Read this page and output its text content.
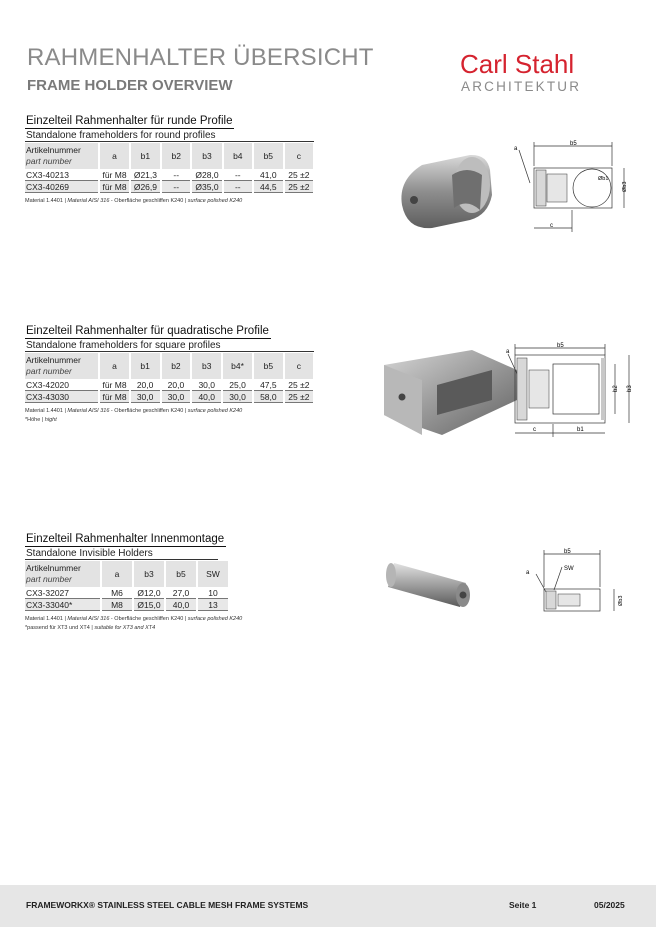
RAHMENHALTER ÜBERSICHT
FRAME HOLDER OVERVIEW
Carl Stahl
ARCHITEKTUR
Einzelteil Rahmenhalter für runde Profile
Standalone frameholders for round profiles
Artikelnummer
part number	a	b1	b2	b3	b4	b5	c
CX3-40213	für M8	Ø21,3	--	Ø28,0	--	41,0	25 ±2
CX3-40269	für M8	Ø26,9	--	Ø35,0	--	44,5	25 ±2
Material 1.4401 | Material AISI 316 - Oberfläche geschliffen K240 | surface polished K240
b5
a
Øb1
Øb3
c
Einzelteil Rahmenhalter für quadratische Profile
Standalone frameholders for square profiles
Artikelnummer
part number	a	b1	b2	b3	b4*	b5	c
CX3-42020	für M8	20,0	20,0	30,0	25,0	47,5	25 ±2
CX3-43030	für M8	30,0	30,0	40,0	30,0	58,0	25 ±2
Material 1.4401 | Material AISI 316 - Oberfläche geschliffen K240 | surface polished K240
*Höhe | hight
b5
a
b2 b3
c	b1
Einzelteil Rahmenhalter Innenmontage
Standalone Invisible Holders
Artikelnummer
part number	a	b3	b5	SW
CX3-32027	M6	Ø12,0	27,0	10
CX3-33040*	M8	Ø15,0	40,0	13
Material 1.4401 | Material AISI 316 - Oberfläche geschliffen K240 | surface polished K240
*passend für XT3 und XT4 | suitable for XT3 and XT4
b5
a
SW
Øb3
FRAMEWORKX® STAINLESS STEEL CABLE MESH FRAME SYSTEMS	Seite 1	05/2025
